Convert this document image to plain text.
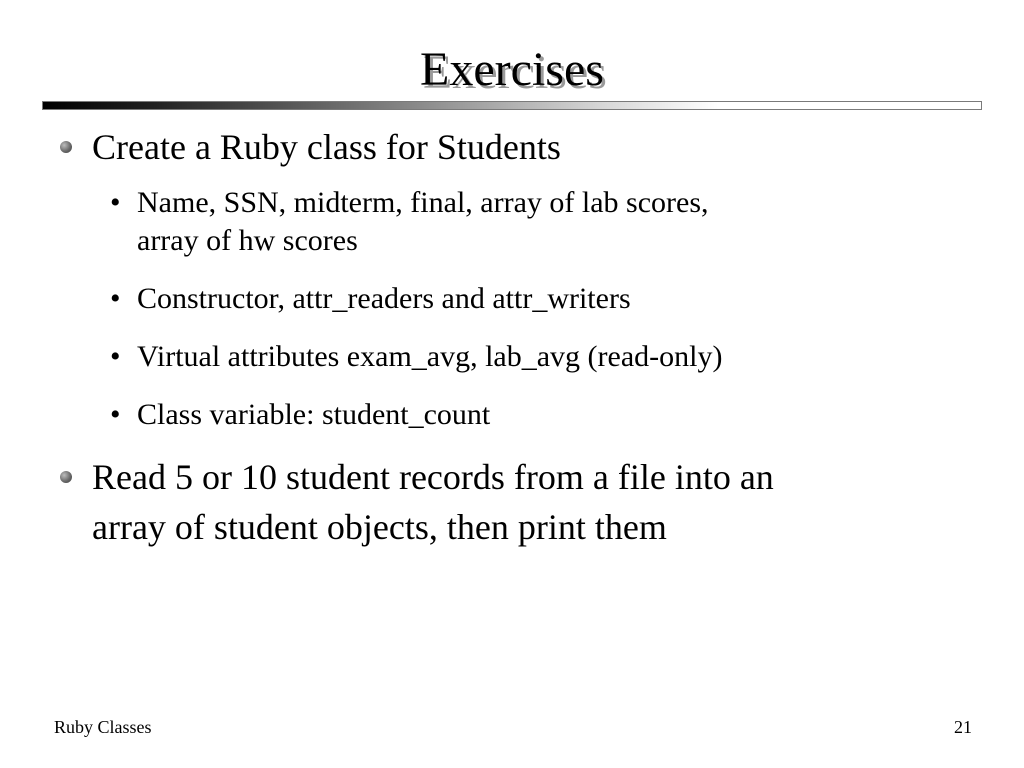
Exercises
Create a Ruby class for Students
• Name, SSN, midterm, final, array of lab scores,
array of hw scores
• Constructor, attr_readers and attr_writers
• Virtual attributes exam_avg, lab_avg (read-only)
• Class variable: student_count
Read 5 or 10 student records from a file into an
array of student objects, then print them
Ruby Classes	21
